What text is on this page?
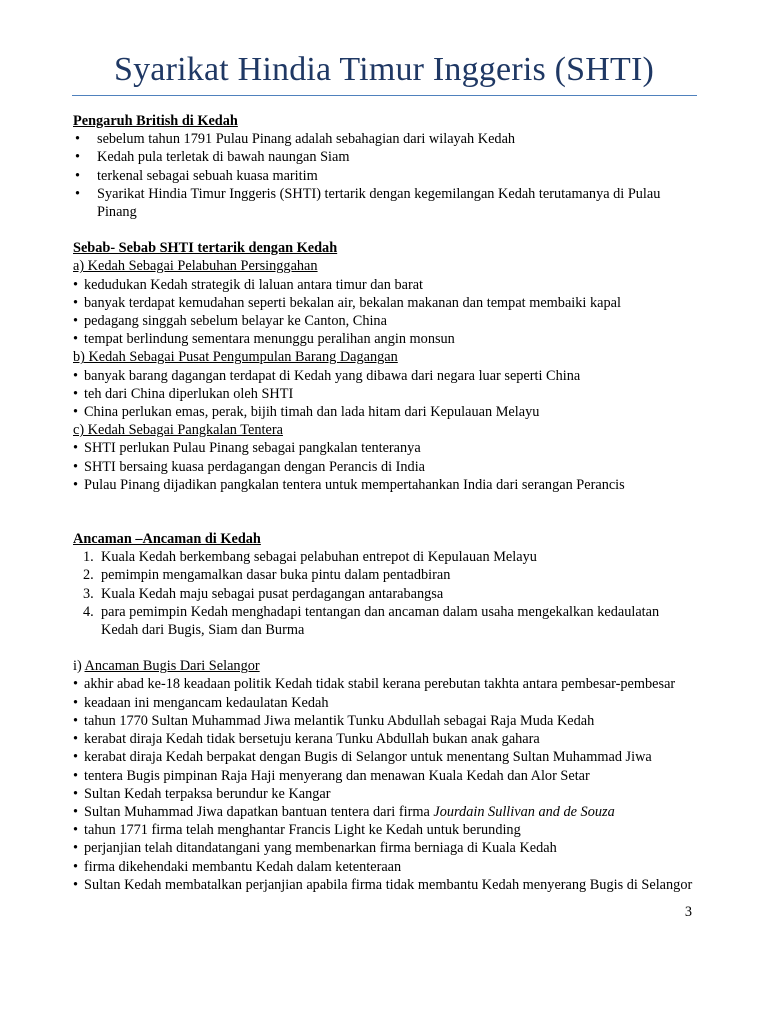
Syarikat Hindia Timur Inggeris (SHTI)

Pengaruh British di Kedah

• sebelum tahun 1791 Pulau Pinang adalah sebahagian dari wilayah Kedah
• Kedah pula terletak di bawah naungan Siam
• terkenal sebagai sebuah kuasa maritim
• Syarikat Hindia Timur Inggeris (SHTI) tertarik dengan kegemilangan Kedah terutamanya di Pulau Pinang

Sebab- Sebab SHTI tertarik dengan Kedah

a) Kedah Sebagai Pelabuhan Persinggahan

• kedudukan Kedah strategik di laluan antara timur dan barat
• banyak terdapat kemudahan seperti bekalan air, bekalan makanan dan tempat membaiki kapal
• pedagang singgah sebelum belayar ke Canton, China
• tempat berlindung sementara menunggu peralihan angin monsun

b) Kedah Sebagai Pusat Pengumpulan Barang Dagangan

• banyak barang dagangan terdapat di Kedah yang dibawa dari negara luar seperti China
• teh dari China diperlukan oleh SHTI
• China perlukan emas, perak, bijih timah dan lada hitam dari Kepulauan Melayu

c) Kedah Sebagai Pangkalan Tentera

• SHTI perlukan Pulau Pinang sebagai pangkalan tenteranya
• SHTI bersaing kuasa perdagangan dengan Perancis di India
• Pulau Pinang dijadikan pangkalan tentera untuk mempertahankan India dari serangan Perancis

Ancaman –Ancaman di Kedah

1. Kuala Kedah berkembang sebagai pelabuhan entrepot di Kepulauan Melayu
2. pemimpin mengamalkan dasar buka pintu dalam pentadbiran
3. Kuala Kedah maju sebagai pusat perdagangan antarabangsa
4. para pemimpin Kedah menghadapi tentangan dan ancaman dalam usaha mengekalkan kedaulatan Kedah dari Bugis, Siam dan Burma

i) Ancaman Bugis Dari Selangor

• akhir abad ke-18 keadaan politik Kedah tidak stabil kerana perebutan takhta antara pembesar-pembesar
• keadaan ini mengancam kedaulatan Kedah
• tahun 1770 Sultan Muhammad Jiwa melantik Tunku Abdullah sebagai Raja Muda Kedah
• kerabat diraja Kedah tidak bersetuju kerana Tunku Abdullah bukan anak gahara
• kerabat diraja Kedah berpakat dengan Bugis di Selangor untuk menentang Sultan Muhammad Jiwa
• tentera Bugis pimpinan Raja Haji menyerang dan menawan Kuala Kedah dan Alor Setar
• Sultan Kedah terpaksa berundur ke Kangar
• Sultan Muhammad Jiwa dapatkan bantuan tentera dari firma Jourdain Sullivan and de Souza
• tahun 1771 firma telah menghantar Francis Light ke Kedah untuk berunding
• perjanjian telah ditandatangani yang membenarkan firma berniaga di Kuala Kedah
• firma dikehendaki membantu Kedah dalam ketenteraan
• Sultan Kedah membatalkan perjanjian apabila firma tidak membantu Kedah menyerang Bugis di Selangor
3
